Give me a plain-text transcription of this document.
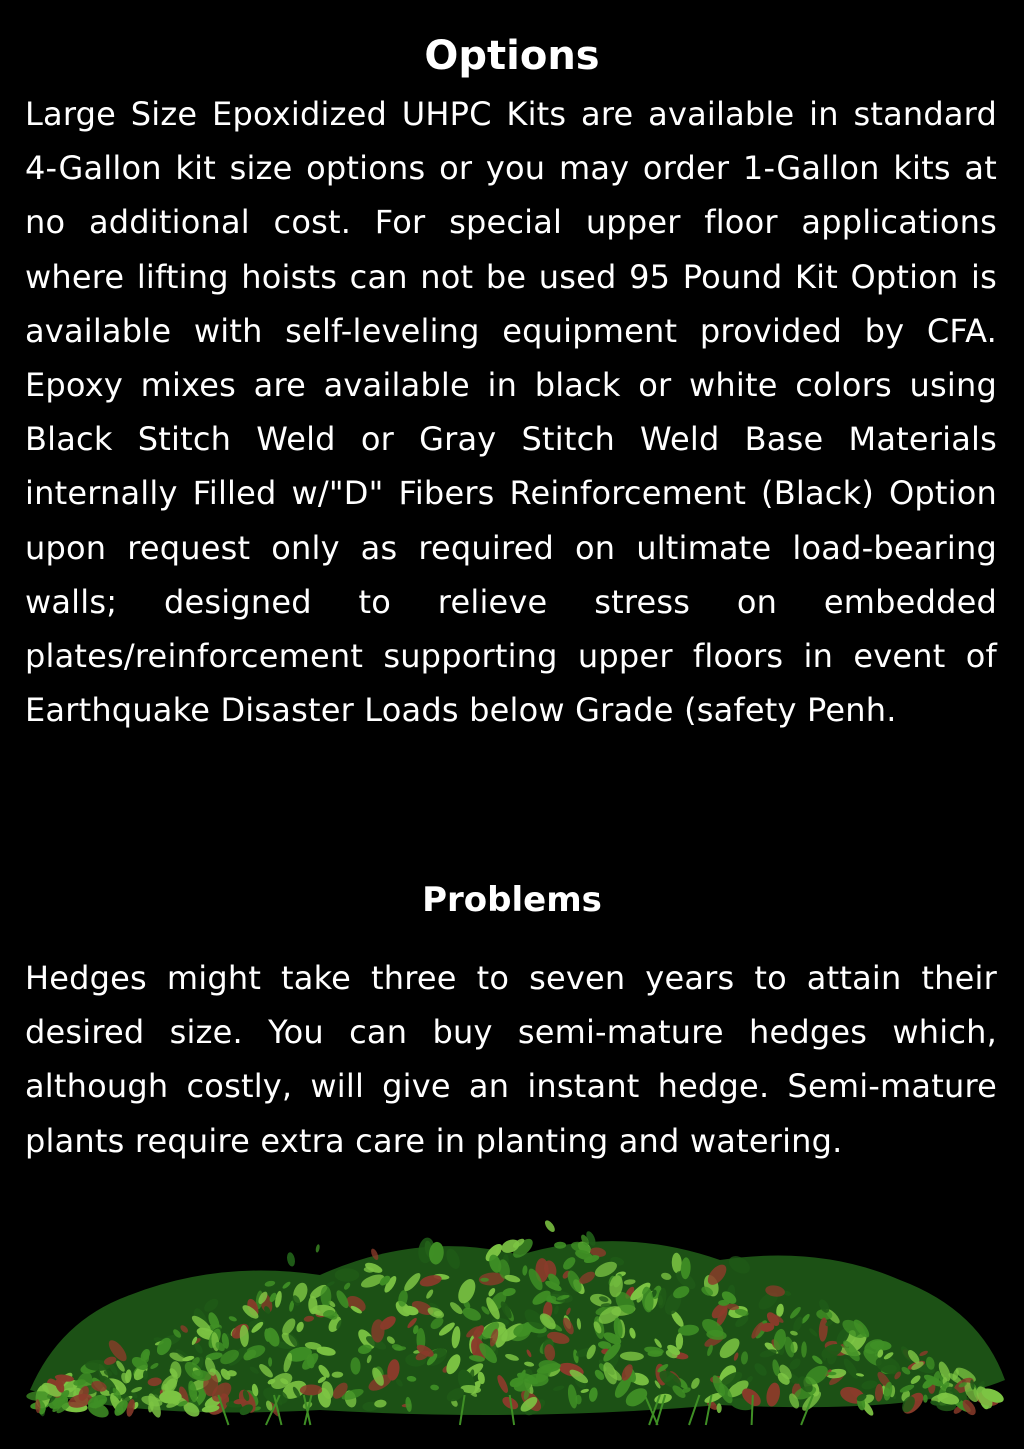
Options

Large Size Epoxidized UHPC Kits are available in standard 4-Gallon kit size options or you may order 1-Gallon kits at no additional cost. For special upper floor applications where lifting hoists can not be used 95 Pound Kit Option is available with self-leveling equipment provided by CFA. Epoxy mixes are available in black or white colors using Black Stitch Weld or Gray Stitch Weld Base Materials internally Filled w/"D" Fibers Reinforcement (Black) Option upon request only as required on ultimate load-bearing walls; designed to relieve stress on embedded plates/reinforcement supporting upper floors in event of Earthquake Disaster Loads below Grade (safety Penh.

Problems

Hedges might take three to seven years to attain their desired size. You can buy semi-mature hedges which, although costly, will give an instant hedge. Semi-mature plants require extra care in planting and watering.
